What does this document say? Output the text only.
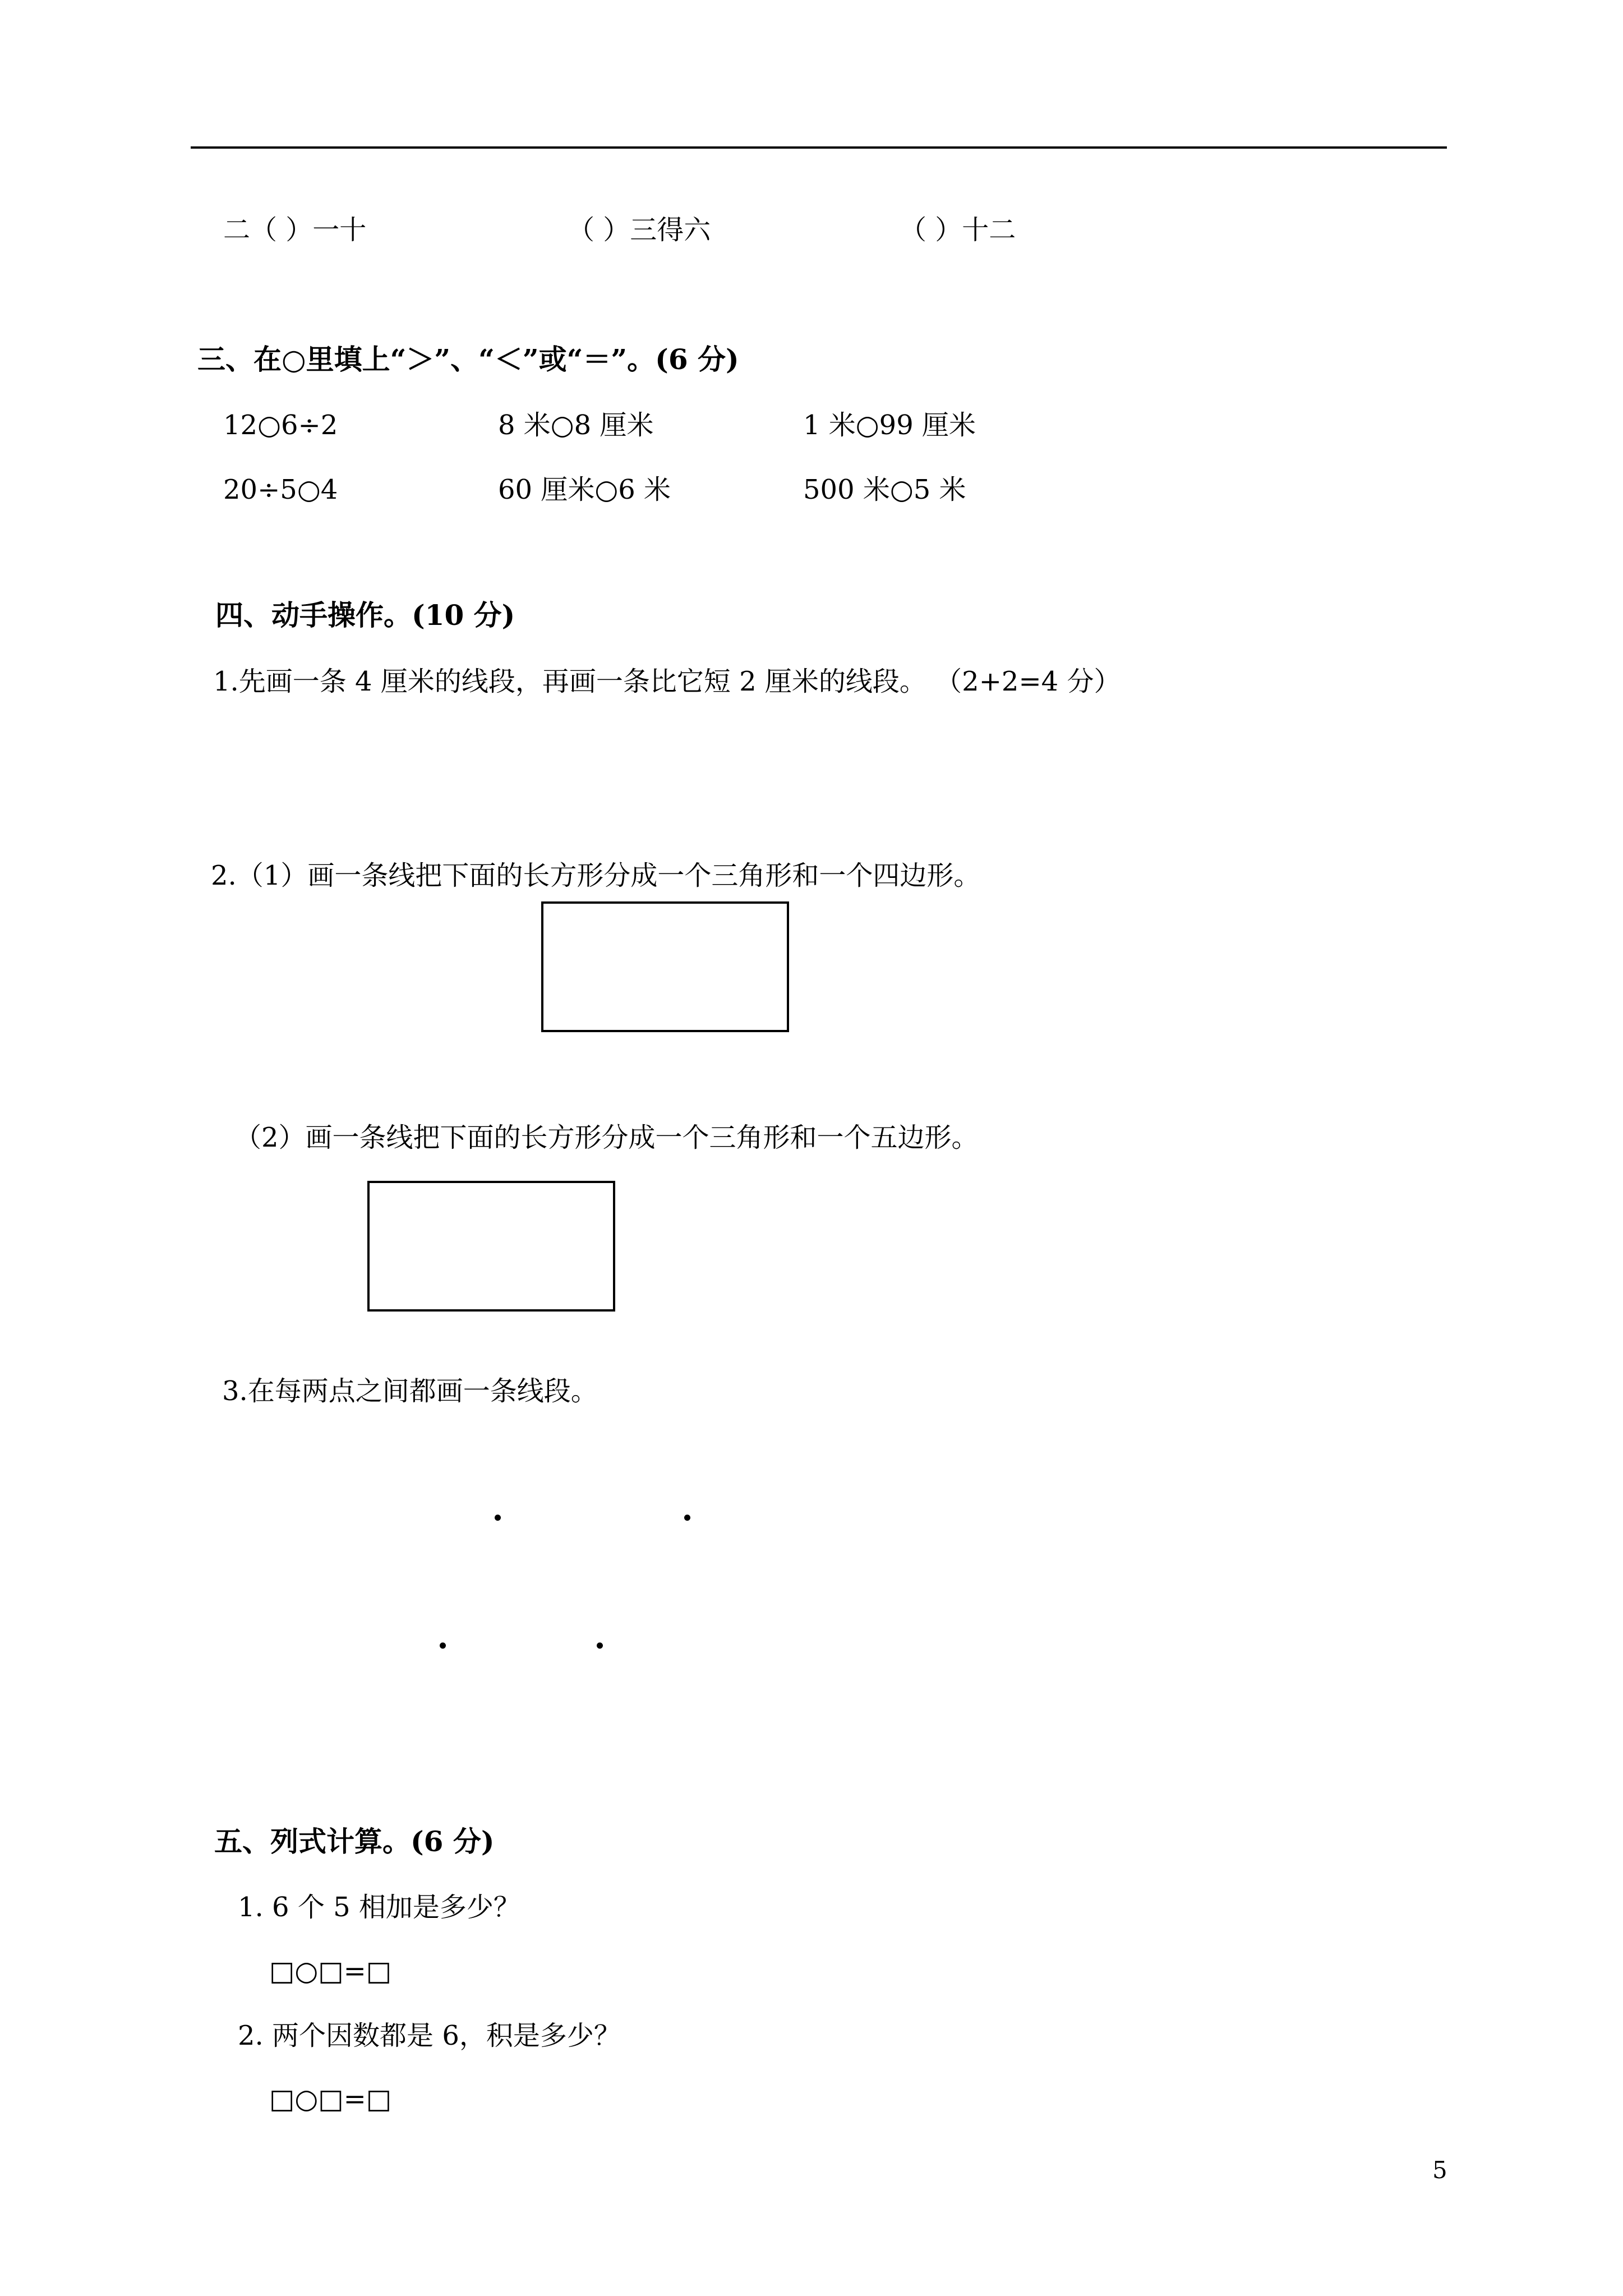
二（ ）一十	（ ）三得六	（ ）十二
三、在○里填上“＞”、“＜”或“＝”。(6 分)
12○6÷2	8 米○8 厘米	1 米○99 厘米
20÷5○4	60 厘米○6 米	500 米○5 米
四、动手操作。(10 分)
1.先画一条 4 厘米的线段，再画一条比它短 2 厘米的线段。 （2+2=4 分）
2.（1）画一条线把下面的长方形分成一个三角形和一个四边形。
（2）画一条线把下面的长方形分成一个三角形和一个五边形。
3.在每两点之间都画一条线段。
五、列式计算。(6 分)
1. 6 个 5 相加是多少？
□○□=□
2. 两个因数都是 6，积是多少？
□○□=□
5
